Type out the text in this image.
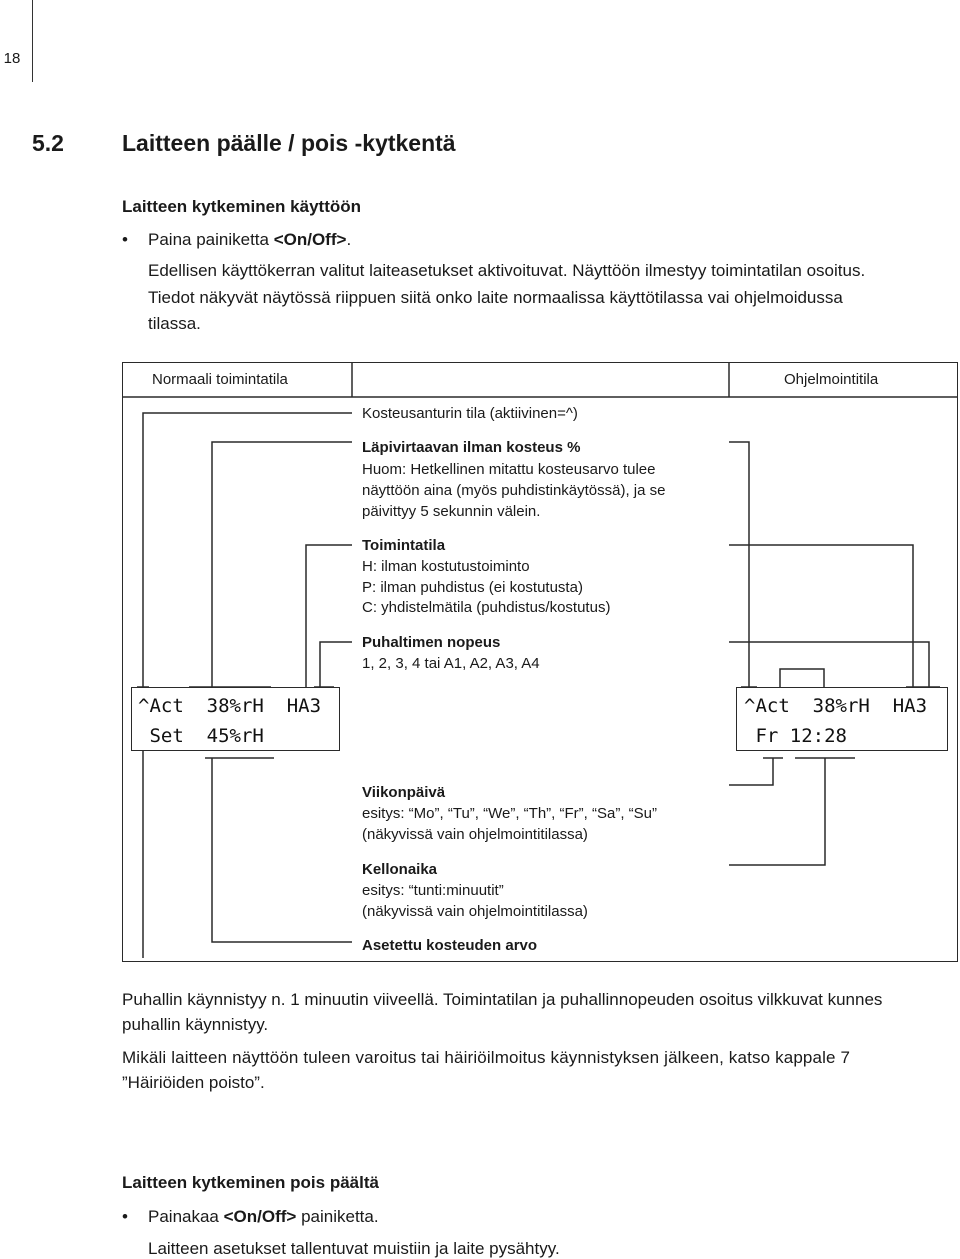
18
5.2	Laitteen päälle / pois -kytkentä
Laitteen kytkeminen käyttöön
• Paina painiketta <On/Off>.
Edellisen käyttökerran valitut laiteasetukset aktivoituvat. Näyttöön ilmestyy toimintatilan osoitus.
Tiedot näkyvät näytössä riippuen siitä onko laite normaalissa käyttötilassa vai ohjelmoidussa
tilassa.
Normaali toimintatila	Ohjelmointitila
Kosteusanturin tila (aktiivinen=^)
Läpivirtaavan ilman kosteus %
Huom: Hetkellinen mitattu kosteusarvo tulee
näyttöön aina (myös puhdistinkäytössä), ja se
päivittyy 5 sekunnin välein.
Toimintatila
H: ilman kostutustoiminto
P: ilman puhdistus (ei kostutusta)
C: yhdistelmätila (puhdistus/kostutus)
Puhaltimen nopeus
1, 2, 3, 4 tai A1, A2, A3, A4
^Act  38%rH  HA3
Set  45%rH
^Act  38%rH  HA3
Fr 12:28
Viikonpäivä
esitys: “Mo”, “Tu”, “We”, “Th”, “Fr”, “Sa”, “Su”
(näkyvissä vain ohjelmointitilassa)
Kellonaika
esitys: “tunti:minuutit”
(näkyvissä vain ohjelmointitilassa)
Asetettu kosteuden arvo
Puhallin käynnistyy n. 1 minuutin viiveellä. Toimintatilan ja puhallinnopeuden osoitus vilkkuvat kunnes
puhallin käynnistyy.
Mikäli laitteen näyttöön tuleen varoitus tai häiriöilmoitus käynnistyksen jälkeen, katso kappale 7
”Häiriöiden poisto”.
Laitteen kytkeminen pois päältä
• Painakaa <On/Off> painiketta.
Laitteen asetukset tallentuvat muistiin ja laite pysähtyy.
